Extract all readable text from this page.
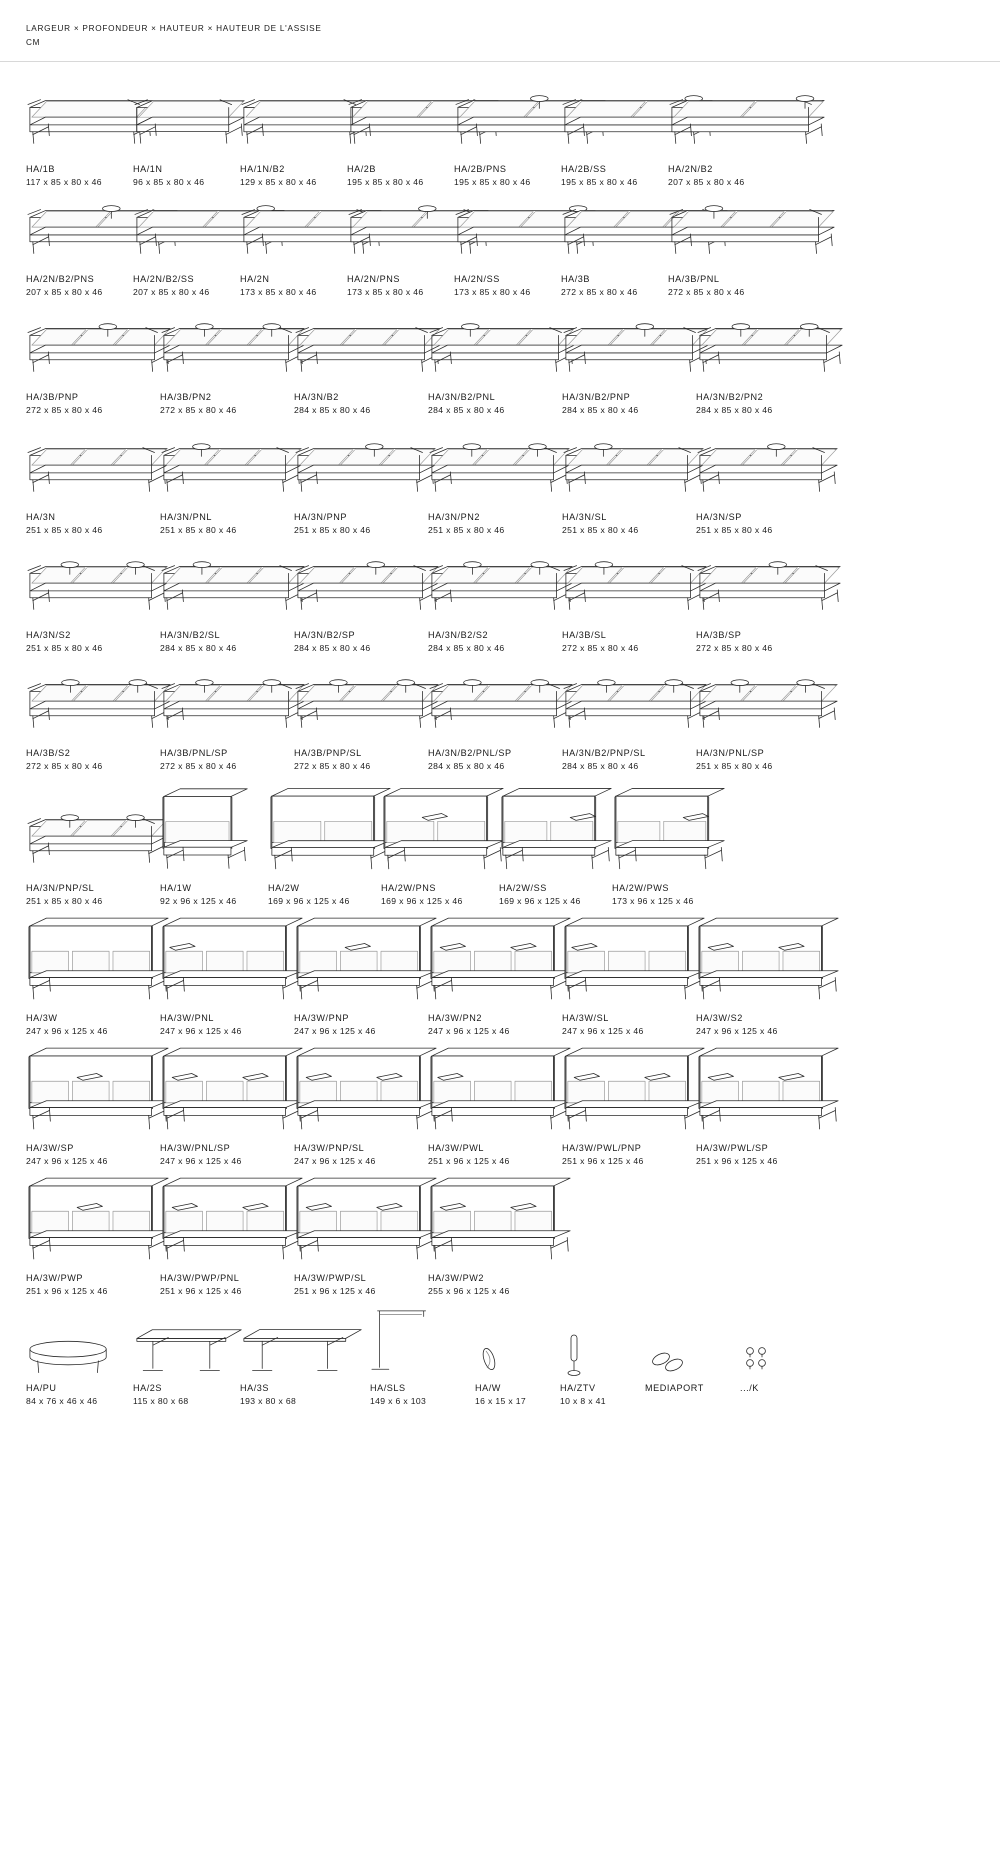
LARGEUR × PROFONDEUR × HAUTEUR × HAUTEUR DE L'ASSISE
CM
HA/1B
117 x 85 x 80 x 46
HA/1N
96 x 85 x 80 x 46
HA/1N/B2
129 x 85 x 80 x 46
HA/2B
195 x 85 x 80 x 46
HA/2B/PNS
195 x 85 x 80 x 46
HA/2B/SS
195 x 85 x 80 x 46
HA/2N/B2
207 x 85 x 80 x 46
HA/2N/B2/PNS
207 x 85 x 80 x 46
HA/2N/B2/SS
207 x 85 x 80 x 46
HA/2N
173 x 85 x 80 x 46
HA/2N/PNS
173 x 85 x 80 x 46
HA/2N/SS
173 x 85 x 80 x 46
HA/3B
272 x 85 x 80 x 46
HA/3B/PNL
272 x 85 x 80 x 46
HA/3B/PNP
272 x 85 x 80 x 46
HA/3B/PN2
272 x 85 x 80 x 46
HA/3N/B2
284 x 85 x 80 x 46
HA/3N/B2/PNL
284 x 85 x 80 x 46
HA/3N/B2/PNP
284 x 85 x 80 x 46
HA/3N/B2/PN2
284 x 85 x 80 x 46
HA/3N
251 x 85 x 80 x 46
HA/3N/PNL
251 x 85 x 80 x 46
HA/3N/PNP
251 x 85 x 80 x 46
HA/3N/PN2
251 x 85 x 80 x 46
HA/3N/SL
251 x 85 x 80 x 46
HA/3N/SP
251 x 85 x 80 x 46
HA/3N/S2
251 x 85 x 80 x 46
HA/3N/B2/SL
284 x 85 x 80 x 46
HA/3N/B2/SP
284 x 85 x 80 x 46
HA/3N/B2/S2
284 x 85 x 80 x 46
HA/3B/SL
272 x 85 x 80 x 46
HA/3B/SP
272 x 85 x 80 x 46
HA/3B/S2
272 x 85 x 80 x 46
HA/3B/PNL/SP
272 x 85 x 80 x 46
HA/3B/PNP/SL
272 x 85 x 80 x 46
HA/3N/B2/PNL/SP
284 x 85 x 80 x 46
HA/3N/B2/PNP/SL
284 x 85 x 80 x 46
HA/3N/PNL/SP
251 x 85 x 80 x 46
HA/3N/PNP/SL
251 x 85 x 80 x 46
HA/1W
92 x 96 x 125 x 46
HA/2W
169 x 96 x 125 x 46
HA/2W/PNS
169 x 96 x 125 x 46
HA/2W/SS
169 x 96 x 125 x 46
HA/2W/PWS
173 x 96 x 125 x 46
HA/3W
247 x 96 x 125 x 46
HA/3W/PNL
247 x 96 x 125 x 46
HA/3W/PNP
247 x 96 x 125 x 46
HA/3W/PN2
247 x 96 x 125 x 46
HA/3W/SL
247 x 96 x 125 x 46
HA/3W/S2
247 x 96 x 125 x 46
HA/3W/SP
247 x 96 x 125 x 46
HA/3W/PNL/SP
247 x 96 x 125 x 46
HA/3W/PNP/SL
247 x 96 x 125 x 46
HA/3W/PWL
251 x 96 x 125 x 46
HA/3W/PWL/PNP
251 x 96 x 125 x 46
HA/3W/PWL/SP
251 x 96 x 125 x 46
HA/3W/PWP
251 x 96 x 125 x 46
HA/3W/PWP/PNL
251 x 96 x 125 x 46
HA/3W/PWP/SL
251 x 96 x 125 x 46
HA/3W/PW2
255 x 96 x 125 x 46
HA/PU
84 x 76 x 46 x 46
HA/2S
115 x 80 x 68
HA/3S
193 x 80 x 68
HA/SLS
149 x 6 x 103
HA/W
16 x 15 x 17
HA/ZTV
10 x 8 x 41
MEDIAPORT	.../K
